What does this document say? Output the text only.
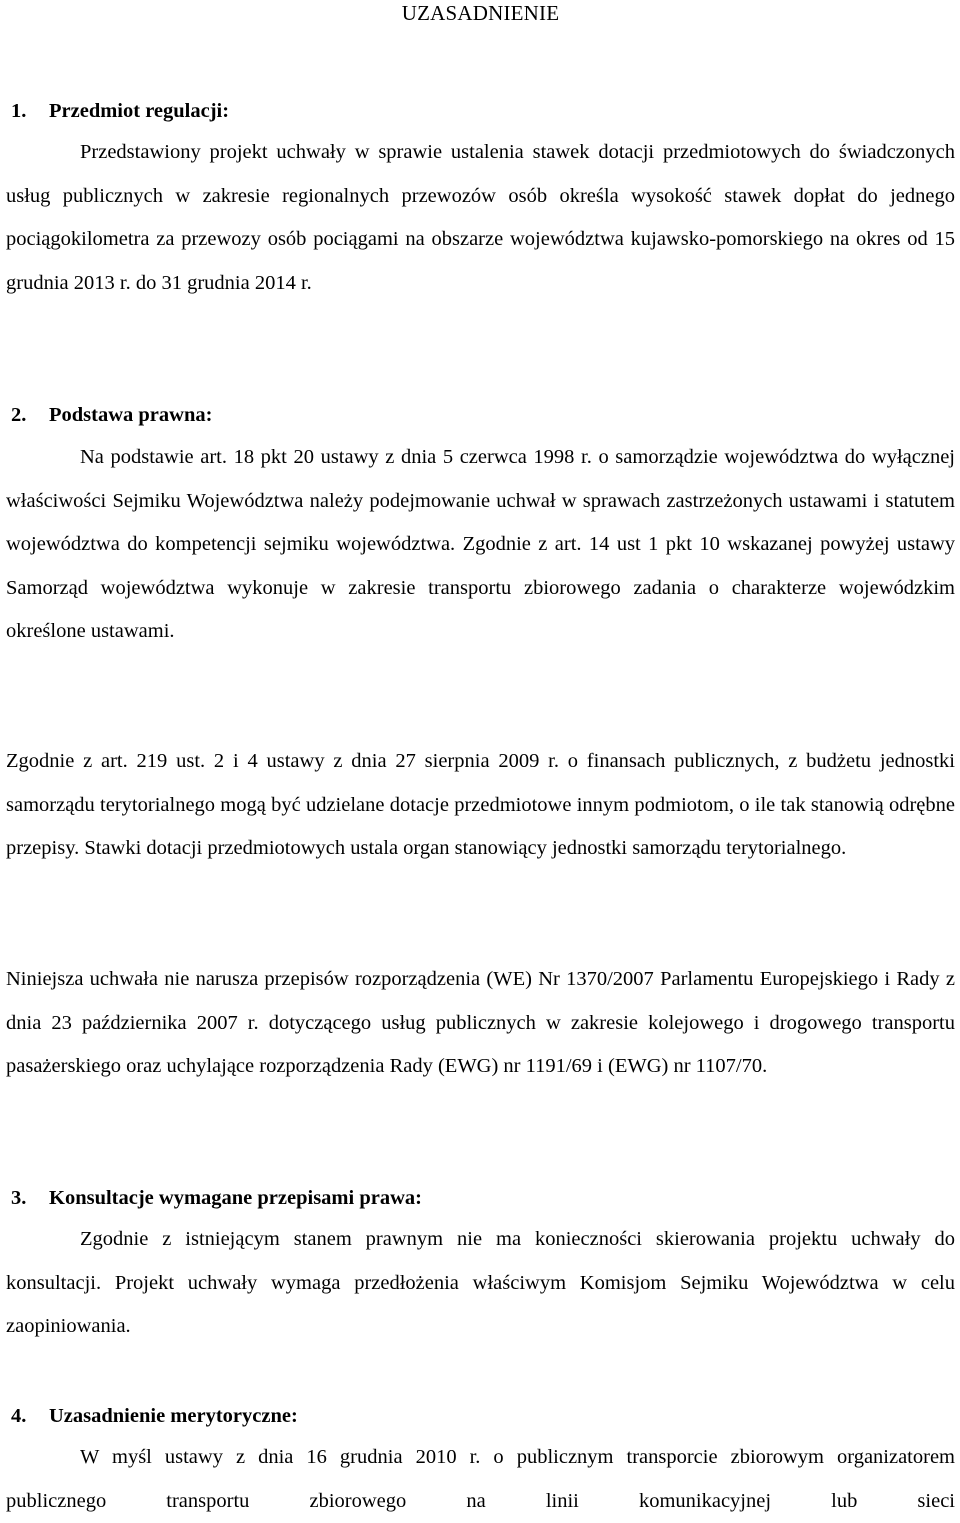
UZASADNIENIE
1. Przedmiot regulacji:

Przedstawiony projekt uchwały w sprawie ustalenia stawek dotacji przedmiotowych do świadczonych usług publicznych w zakresie regionalnych przewozów osób określa wysokość stawek dopłat do jednego pociągokilometra za przewozy osób pociągami na obszarze województwa kujawsko-pomorskiego na okres od 15 grudnia 2013 r. do 31 grudnia 2014 r.

2. Podstawa prawna:

Na podstawie art. 18 pkt 20 ustawy z dnia 5 czerwca 1998 r. o samorządzie województwa do wyłącznej właściwości Sejmiku Województwa należy podejmowanie uchwał w sprawach zastrzeżonych ustawami i statutem województwa do kompetencji sejmiku województwa. Zgodnie z art. 14 ust 1 pkt 10 wskazanej powyżej ustawy Samorząd województwa wykonuje w zakresie transportu zbiorowego zadania o charakterze wojewódzkim określone ustawami.

Zgodnie z art. 219 ust. 2 i 4 ustawy z dnia 27 sierpnia 2009 r. o finansach publicznych, z budżetu jednostki samorządu terytorialnego mogą być udzielane dotacje przedmiotowe innym podmiotom, o ile tak stanowią odrębne przepisy. Stawki dotacji przedmiotowych ustala organ stanowiący jednostki samorządu terytorialnego.

Niniejsza uchwała nie narusza przepisów rozporządzenia (WE) Nr 1370/2007 Parlamentu Europejskiego i Rady z dnia 23 października 2007 r. dotyczącego usług publicznych w zakresie kolejowego i drogowego transportu pasażerskiego oraz uchylające rozporządzenia Rady (EWG) nr 1191/69 i (EWG) nr 1107/70.

3. Konsultacje wymagane przepisami prawa:

Zgodnie z istniejącym stanem prawnym nie ma konieczności skierowania projektu uchwały do konsultacji. Projekt uchwały wymaga przedłożenia właściwym Komisjom Sejmiku Województwa w celu zaopiniowania.

4. Uzasadnienie merytoryczne:

W myśl ustawy z dnia 16 grudnia 2010 r. o publicznym transporcie zbiorowym organizatorem publicznego transportu zbiorowego na linii komunikacyjnej lub sieci
